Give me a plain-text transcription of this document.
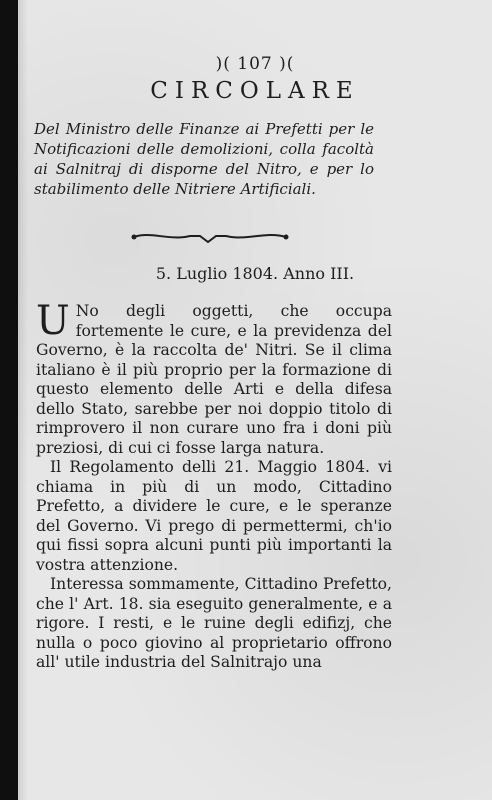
)( 107 )(
CIRCOLARE
Del Ministro delle Finanze ai Prefetti per le Notificazioni delle demolizioni, colla facoltà ai Salnitraj di disporne del Nitro, e per lo stabilimento delle Nitriere Artificiali.
5. Luglio 1804. Anno III.

U No degli oggetti, che occupa fortemente le cure, e la previdenza del Governo, è la raccolta de' Nitri. Se il clima italiano è il più proprio per la formazione di questo elemento delle Arti e della difesa dello Stato, sarebbe per noi doppio titolo di rimprovero il non curare uno fra i doni più preziosi, di cui ci fosse larga natura.

Il Regolamento delli 21. Maggio 1804. vi chiama in più di un modo, Cittadino Prefetto, a dividere le cure, e le speranze del Governo. Vi prego di permettermi, ch'io qui fissi sopra alcuni punti più importanti la vostra attenzione.

Interessa sommamente, Cittadino Prefetto, che l' Art. 18. sia eseguito generalmente, e a rigore. I resti, e le ruine degli edifizj, che nulla o poco giovino al proprietario offrono all' utile industria del Salnitrajo una
